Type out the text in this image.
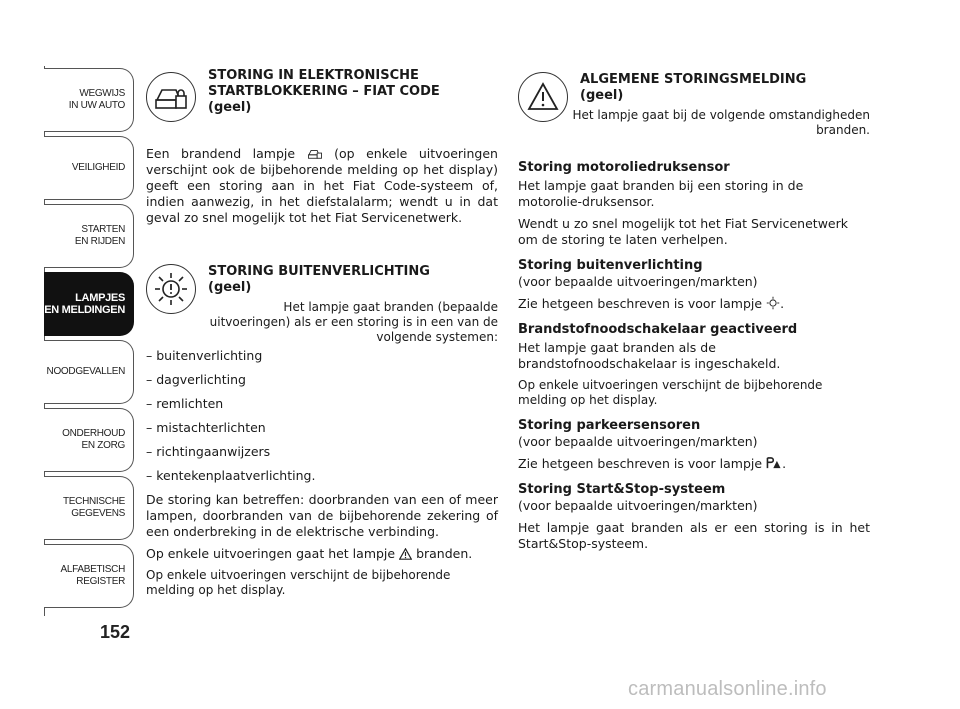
WEGWIJS
IN UW AUTO
VEILIGHEID
STARTEN
EN RIJDEN
LAMPJES
EN MELDINGEN
NOODGEVALLEN
ONDERHOUD
EN ZORG
TECHNISCHE
GEGEVENS
ALFABETISCH
REGISTER
152

STORING IN ELEKTRONISCHE STARTBLOKKERING – FIAT CODE

(geel)

Een brandend lampje	(op enkele uitvoeringen verschijnt ook de bijbehorende melding op het display) geeft een storing aan in het Fiat Code-systeem of, indien aanwezig, in het diefstalalarm; wendt u in dat geval zo snel mogelijk tot het Fiat Servicenetwerk.

STORING BUITENVERLICHTING

(geel)

Het lampje gaat branden (bepaalde uitvoeringen) als er een storing is in een van de volgende systemen:

– buitenverlichting

– dagverlichting

– remlichten

– mistachterlichten

– richtingaanwijzers

– kentekenplaatverlichting.

De storing kan betreffen: doorbranden van een of meer lampen, doorbranden van de bijbehorende zekering of een onderbreking in de elektrische verbinding.

Op enkele uitvoeringen gaat het lampje branden.

Op enkele uitvoeringen verschijnt de bijbehorende melding op het display.

ALGEMENE STORINGSMELDING

(geel)

Het lampje gaat bij de volgende omstandigheden branden.

Storing motoroliedruksensor

Het lampje gaat branden bij een storing in de motorolie-druksensor.

Wendt u zo snel mogelijk tot het Fiat Servicenetwerk om de storing te laten verhelpen.

Storing buitenverlichting

(voor bepaalde uitvoeringen/markten)

Zie hetgeen beschreven is voor lampje .

Brandstofnoodschakelaar geactiveerd

Het lampje gaat branden als de brandstofnoodschakelaar is ingeschakeld.

Op enkele uitvoeringen verschijnt de bijbehorende melding op het display.

Storing parkeersensoren

(voor bepaalde uitvoeringen/markten)

Zie hetgeen beschreven is voor lampje .

Storing Start&Stop-systeem

(voor bepaalde uitvoeringen/markten)

Het lampje gaat branden als er een storing is in het Start&Stop-systeem.

carmanualsonline.info
